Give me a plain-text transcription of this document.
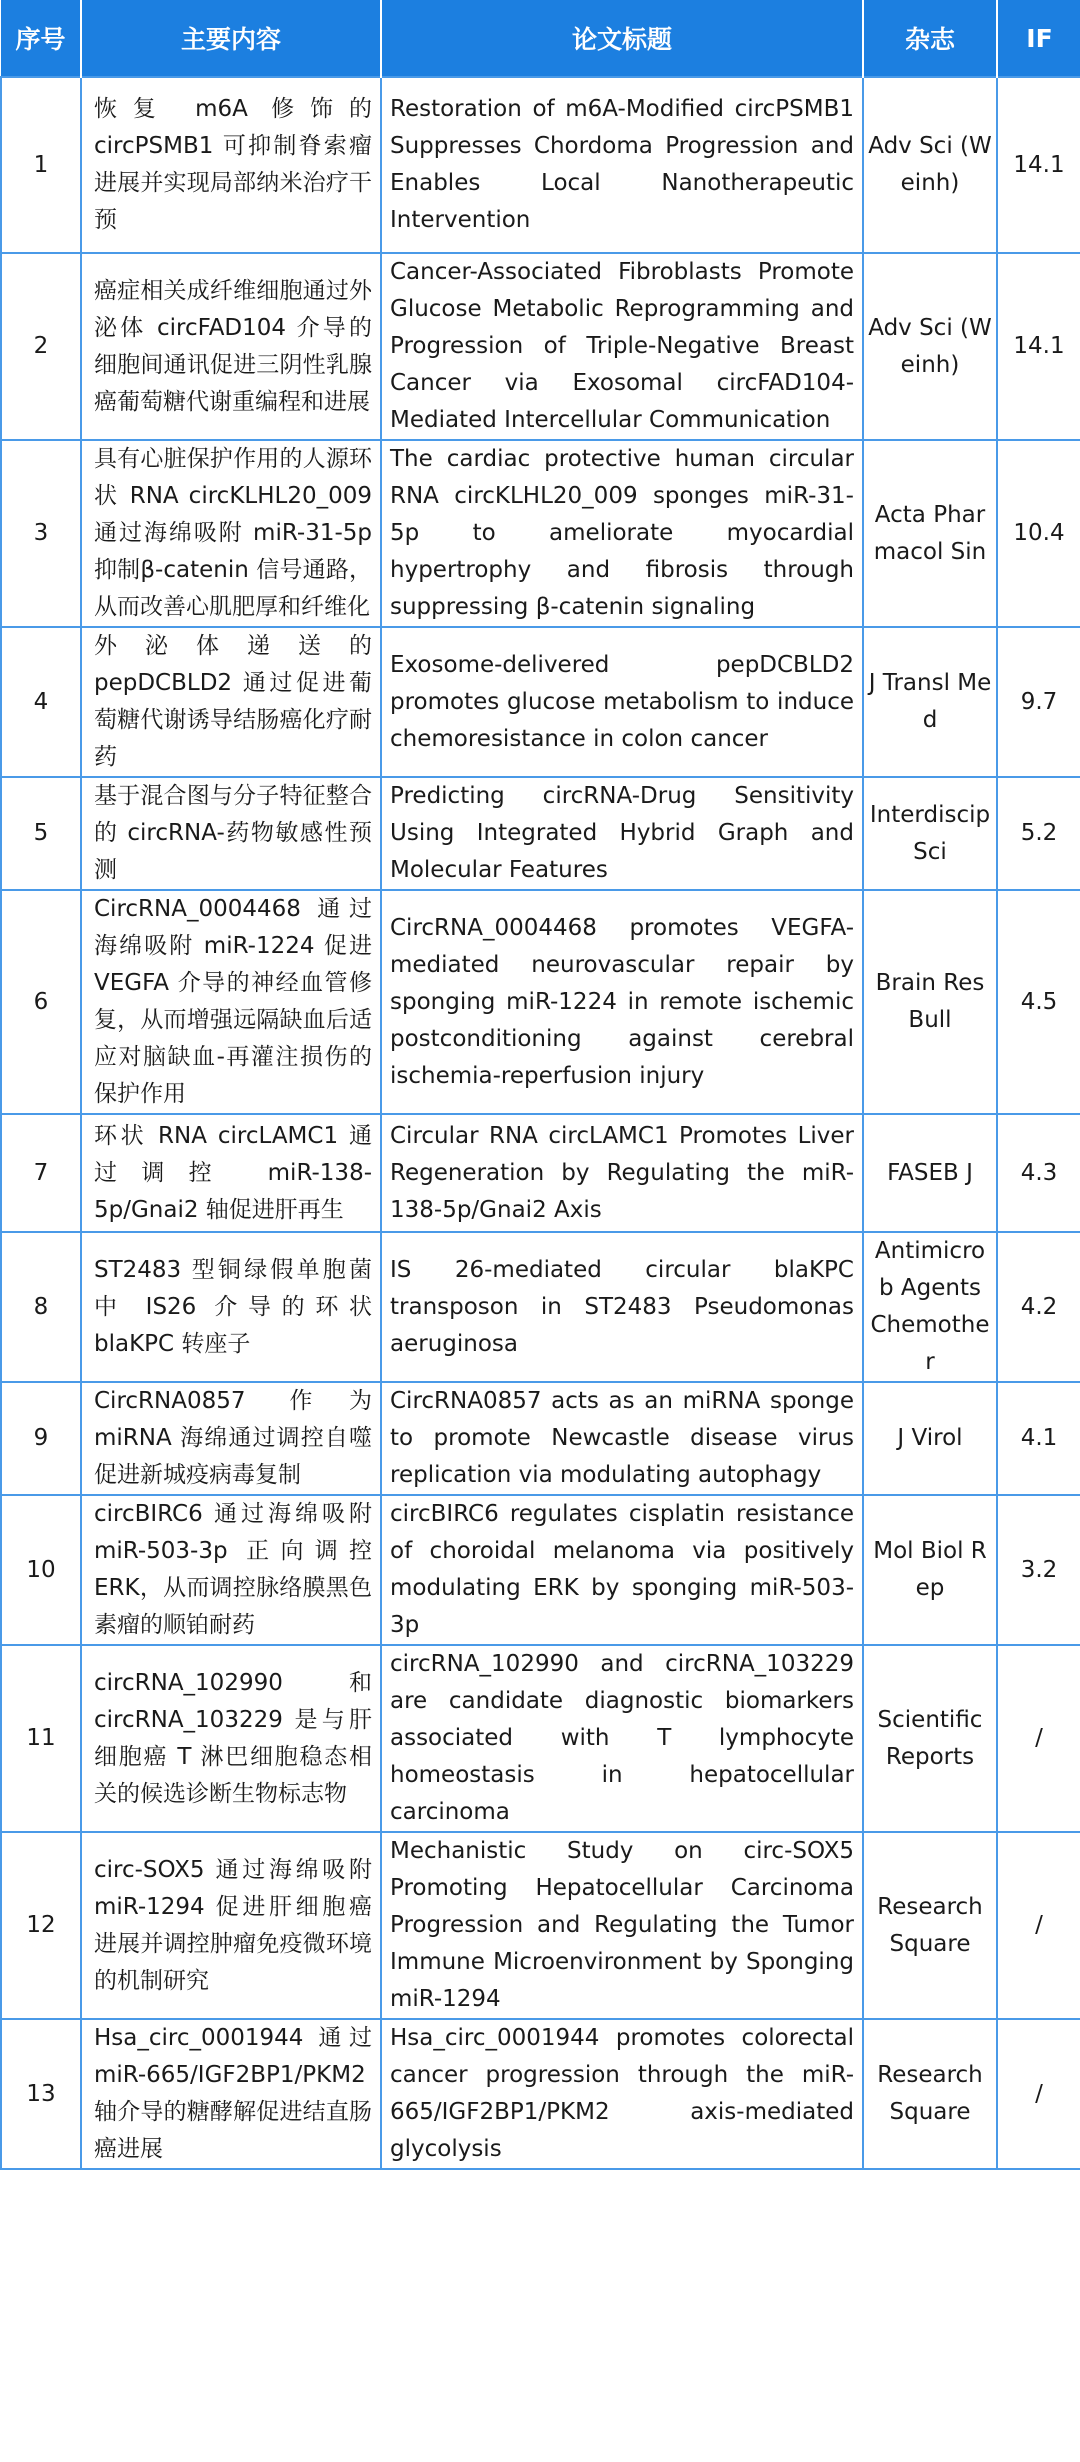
序号	主要内容	论文标题	杂志	IF
1	恢复 m6A 修饰的 circPSMB1 可抑制脊索瘤进展并实现局部纳米治疗干预	Restoration of m6A-Modified circPSMB1 Suppresses Chordoma Progression and Enables Local Nanotherapeutic Intervention	Adv Sci (Weinh)	14.1
2	癌症相关成纤维细胞通过外泌体 circFAD104 介导的细胞间通讯促进三阴性乳腺癌葡萄糖代谢重编程和进展	Cancer-Associated Fibroblasts Promote Glucose Metabolic Reprogramming and Progression of Triple-Negative Breast Cancer via Exosomal circFAD104-Mediated Intercellular Communication	Adv Sci (Weinh)	14.1
3	具有心脏保护作用的人源环状 RNA circKLHL20_009 通过海绵吸附 miR-31-5p 抑制β-catenin 信号通路，从而改善心肌肥厚和纤维化	The cardiac protective human circular RNA circKLHL20_009 sponges miR-31-5p to ameliorate myocardial hypertrophy and fibrosis through suppressing β-catenin signaling	Acta Pharmacol Sin	10.4
4	外泌体递送的 pepDCBLD2 通过促进葡萄糖代谢诱导结肠癌化疗耐药	Exosome-delivered pepDCBLD2 promotes glucose metabolism to induce chemoresistance in colon cancer	J Transl Med	9.7
5	基于混合图与分子特征整合的 circRNA-药物敏感性预测	Predicting circRNA-Drug Sensitivity Using Integrated Hybrid Graph and Molecular Features	Interdiscip Sci	5.2
6	CircRNA_0004468 通过海绵吸附 miR-1224 促进 VEGFA 介导的神经血管修复，从而增强远隔缺血后适应对脑缺血-再灌注损伤的保护作用	CircRNA_0004468 promotes VEGFA-mediated neurovascular repair by sponging miR-1224 in remote ischemic postconditioning against cerebral ischemia-reperfusion injury	Brain Res Bull	4.5
7	环状 RNA circLAMC1 通过调控 miR-138-5p/Gnai2 轴促进肝再生	Circular RNA circLAMC1 Promotes Liver Regeneration by Regulating the miR-138-5p/Gnai2 Axis	FASEB J	4.3
8	ST2483 型铜绿假单胞菌中 IS26 介导的环状 blaKPC 转座子	IS 26-mediated circular blaKPC transposon in ST2483 Pseudomonas aeruginosa	Antimicrob Agents Chemother	4.2
9	CircRNA0857 作为 miRNA 海绵通过调控自噬促进新城疫病毒复制	CircRNA0857 acts as an miRNA sponge to promote Newcastle disease virus replication via modulating autophagy	J Virol	4.1
10	circBIRC6 通过海绵吸附 miR-503-3p 正向调控 ERK，从而调控脉络膜黑色素瘤的顺铂耐药	circBIRC6 regulates cisplatin resistance of choroidal melanoma via positively modulating ERK by sponging miR-503-3p	Mol Biol Rep	3.2
11	circRNA_102990 和 circRNA_103229 是与肝细胞癌 T 淋巴细胞稳态相关的候选诊断生物标志物	circRNA_102990 and circRNA_103229 are candidate diagnostic biomarkers associated with T lymphocyte homeostasis in hepatocellular carcinoma	Scientific Reports	/
12	circ-SOX5 通过海绵吸附 miR-1294 促进肝细胞癌进展并调控肿瘤免疫微环境的机制研究	Mechanistic Study on circ-SOX5 Promoting Hepatocellular Carcinoma Progression and Regulating the Tumor Immune Microenvironment by Sponging miR-1294	Research Square	/
13	Hsa_circ_0001944 通过 miR-665/IGF2BP1/PKM2 轴介导的糖酵解促进结直肠癌进展	Hsa_circ_0001944 promotes colorectal cancer progression through the miR-665/IGF2BP1/PKM2 axis-mediated glycolysis	Research Square	/
